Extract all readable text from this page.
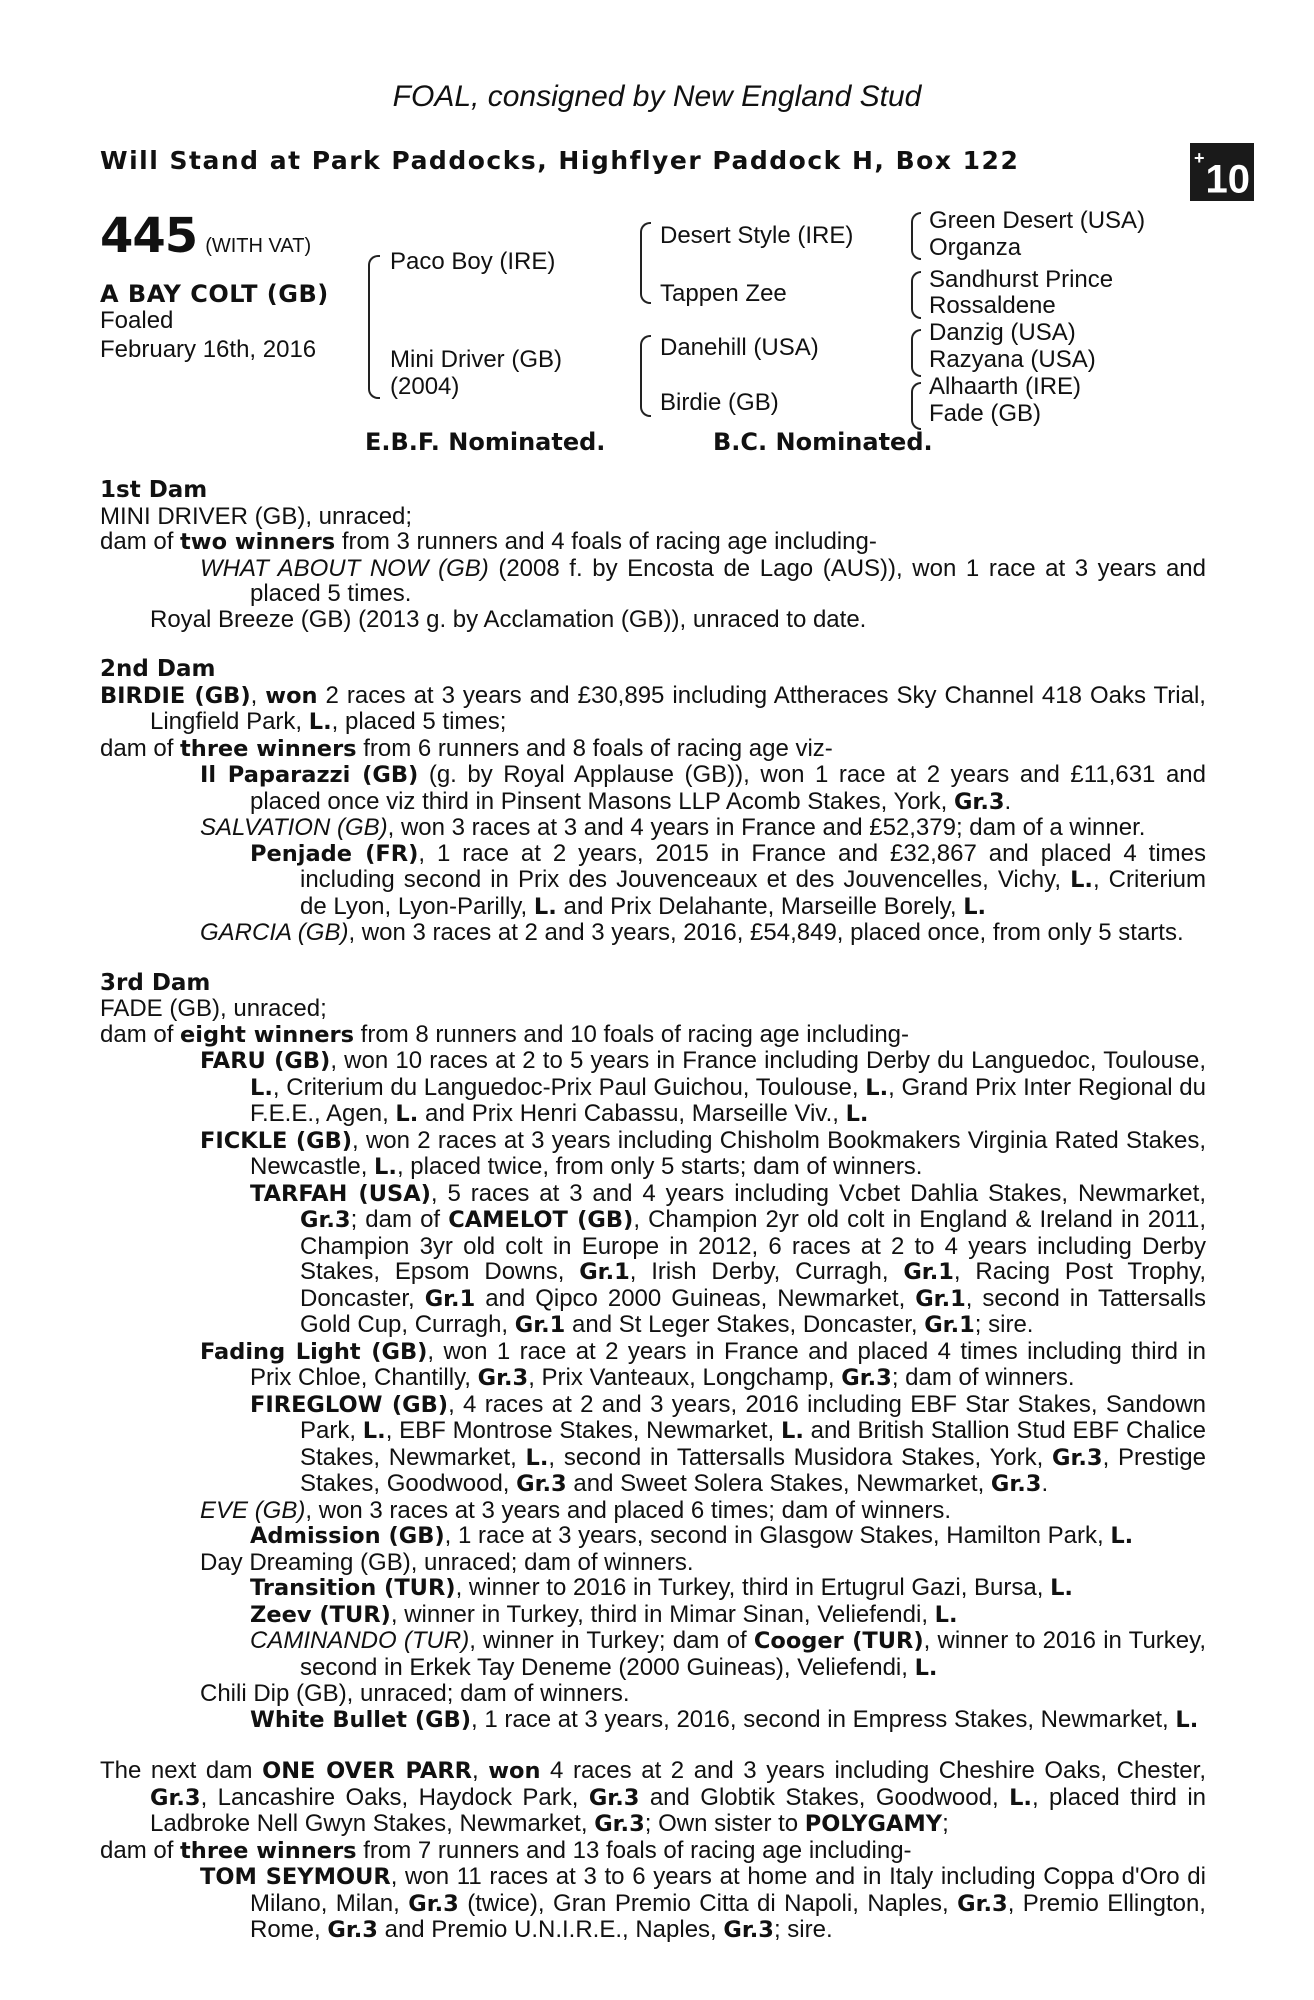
FOAL, consigned by New England Stud
Will Stand at Park Paddocks, Highflyer Paddock H, Box 122	+10
445 (WITH VAT)
A BAY COLT (GB)
Foaled
February 16th, 2016
Paco Boy (IRE)
Mini Driver (GB)
(2004)
Desert Style (IRE)
Tappen Zee
Danehill (USA)
Birdie (GB)
Green Desert (USA)
Organza
Sandhurst Prince
Rossaldene
Danzig (USA)
Razyana (USA)
Alhaarth (IRE)
Fade (GB)
E.B.F. Nominated.	B.C. Nominated.
1st Dam
MINI DRIVER (GB), unraced;
dam of two winners from 3 runners and 4 foals of racing age including-
WHAT ABOUT NOW (GB) (2008 f. by Encosta de Lago (AUS)), won 1 race at 3 years and placed 5 times.
Royal Breeze (GB) (2013 g. by Acclamation (GB)), unraced to date.
2nd Dam
BIRDIE (GB), won 2 races at 3 years and £30,895 including Attheraces Sky Channel 418 Oaks Trial, Lingfield Park, L., placed 5 times;
dam of three winners from 6 runners and 8 foals of racing age viz-
Il Paparazzi (GB) (g. by Royal Applause (GB)), won 1 race at 2 years and £11,631 and placed once viz third in Pinsent Masons LLP Acomb Stakes, York, Gr.3.
SALVATION (GB), won 3 races at 3 and 4 years in France and £52,379; dam of a winner.
Penjade (FR), 1 race at 2 years, 2015 in France and £32,867 and placed 4 times including second in Prix des Jouvenceaux et des Jouvencelles, Vichy, L., Criterium de Lyon, Lyon-Parilly, L. and Prix Delahante, Marseille Borely, L.
GARCIA (GB), won 3 races at 2 and 3 years, 2016, £54,849, placed once, from only 5 starts.
3rd Dam
FADE (GB), unraced;
dam of eight winners from 8 runners and 10 foals of racing age including-
FARU (GB), won 10 races at 2 to 5 years in France including Derby du Languedoc, Toulouse, L., Criterium du Languedoc-Prix Paul Guichou, Toulouse, L., Grand Prix Inter Regional du F.E.E., Agen, L. and Prix Henri Cabassu, Marseille Viv., L.
FICKLE (GB), won 2 races at 3 years including Chisholm Bookmakers Virginia Rated Stakes, Newcastle, L., placed twice, from only 5 starts; dam of winners.
TARFAH (USA), 5 races at 3 and 4 years including Vcbet Dahlia Stakes, Newmarket, Gr.3; dam of CAMELOT (GB), Champion 2yr old colt in England & Ireland in 2011, Champion 3yr old colt in Europe in 2012, 6 races at 2 to 4 years including Derby Stakes, Epsom Downs, Gr.1, Irish Derby, Curragh, Gr.1, Racing Post Trophy, Doncaster, Gr.1 and Qipco 2000 Guineas, Newmarket, Gr.1, second in Tattersalls Gold Cup, Curragh, Gr.1 and St Leger Stakes, Doncaster, Gr.1; sire.
Fading Light (GB), won 1 race at 2 years in France and placed 4 times including third in Prix Chloe, Chantilly, Gr.3, Prix Vanteaux, Longchamp, Gr.3; dam of winners.
FIREGLOW (GB), 4 races at 2 and 3 years, 2016 including EBF Star Stakes, Sandown Park, L., EBF Montrose Stakes, Newmarket, L. and British Stallion Stud EBF Chalice Stakes, Newmarket, L., second in Tattersalls Musidora Stakes, York, Gr.3, Prestige Stakes, Goodwood, Gr.3 and Sweet Solera Stakes, Newmarket, Gr.3.
EVE (GB), won 3 races at 3 years and placed 6 times; dam of winners.
Admission (GB), 1 race at 3 years, second in Glasgow Stakes, Hamilton Park, L.
Day Dreaming (GB), unraced; dam of winners.
Transition (TUR), winner to 2016 in Turkey, third in Ertugrul Gazi, Bursa, L.
Zeev (TUR), winner in Turkey, third in Mimar Sinan, Veliefendi, L.
CAMINANDO (TUR), winner in Turkey; dam of Cooger (TUR), winner to 2016 in Turkey, second in Erkek Tay Deneme (2000 Guineas), Veliefendi, L.
Chili Dip (GB), unraced; dam of winners.
White Bullet (GB), 1 race at 3 years, 2016, second in Empress Stakes, Newmarket, L.
The next dam ONE OVER PARR, won 4 races at 2 and 3 years including Cheshire Oaks, Chester, Gr.3, Lancashire Oaks, Haydock Park, Gr.3 and Globtik Stakes, Goodwood, L., placed third in Ladbroke Nell Gwyn Stakes, Newmarket, Gr.3; Own sister to POLYGAMY;
dam of three winners from 7 runners and 13 foals of racing age including-
TOM SEYMOUR, won 11 races at 3 to 6 years at home and in Italy including Coppa d'Oro di Milano, Milan, Gr.3 (twice), Gran Premio Citta di Napoli, Naples, Gr.3, Premio Ellington, Rome, Gr.3 and Premio U.N.I.R.E., Naples, Gr.3; sire.
